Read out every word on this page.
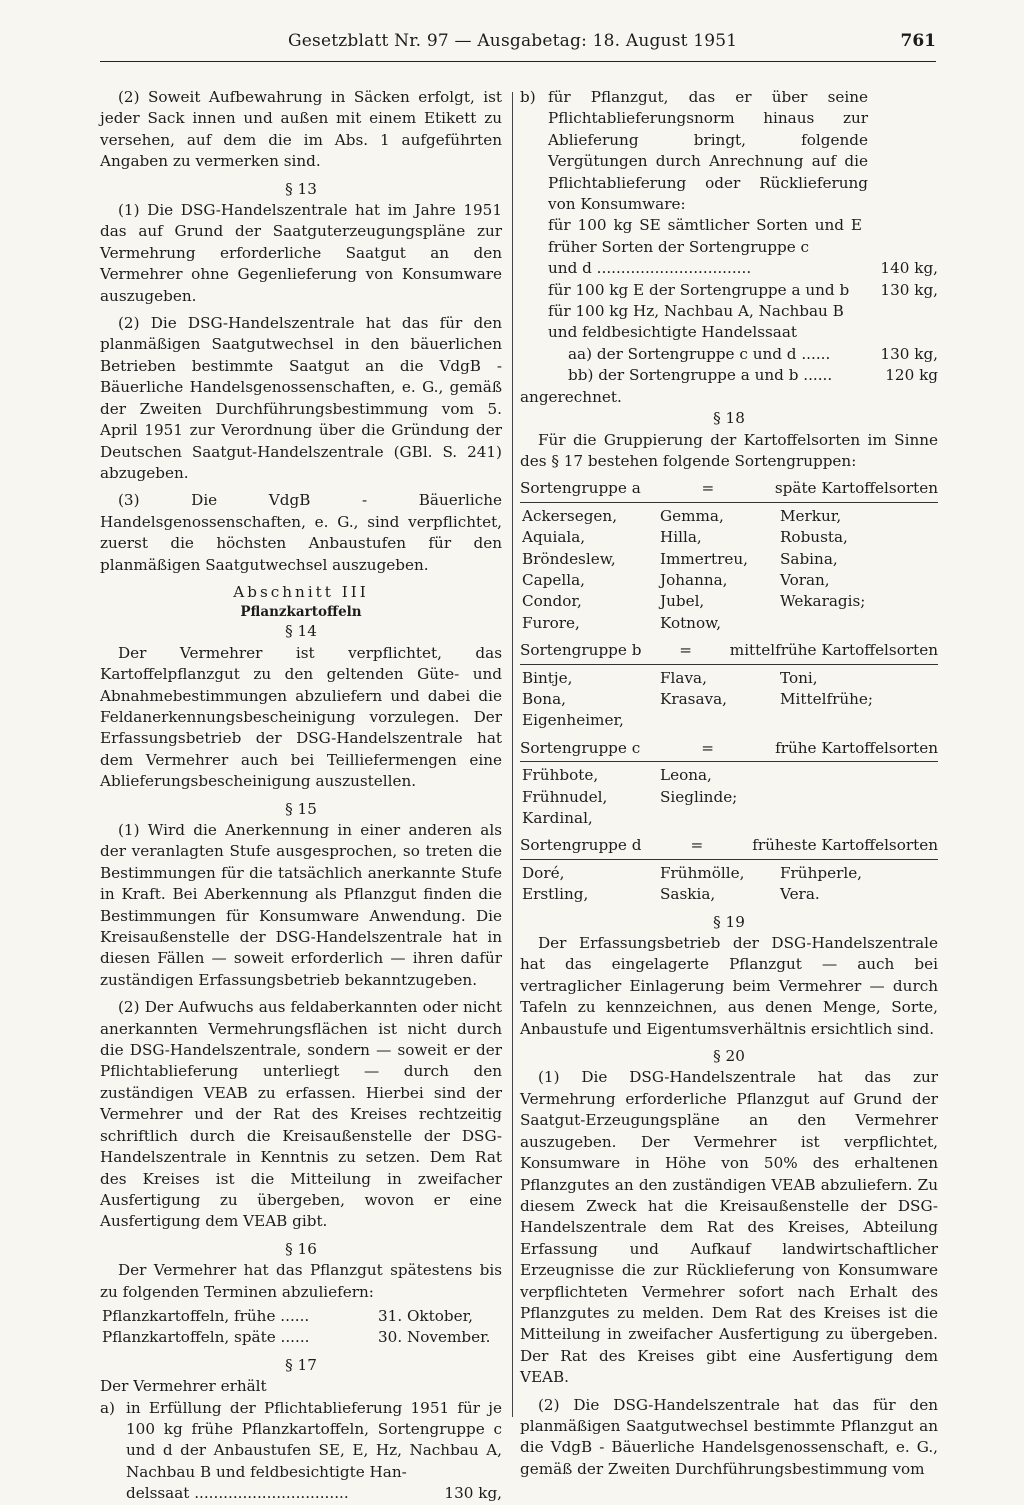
Gesetzblatt Nr. 97 — Ausgabetag: 18. August 1951	761

(2) Soweit Aufbewahrung in Säcken erfolgt, ist jeder Sack innen und außen mit einem Etikett zu versehen, auf dem die im Abs. 1 aufgeführten Angaben zu vermerken sind.

§ 13

(1) Die DSG-Handelszentrale hat im Jahre 1951 das auf Grund der Saatguterzeugungspläne zur Vermehrung erforderliche Saatgut an den Vermehrer ohne Gegenlieferung von Konsumware auszugeben.

(2) Die DSG-Handelszentrale hat das für den planmäßigen Saatgutwechsel in den bäuerlichen Betrieben bestimmte Saatgut an die VdgB - Bäuerliche Handelsgenossenschaften, e. G., gemäß der Zweiten Durchführungsbestimmung vom 5. April 1951 zur Verordnung über die Gründung der Deutschen Saatgut-Handelszentrale (GBl. S. 241) abzugeben.

(3) Die VdgB - Bäuerliche Handelsgenossenschaften, e. G., sind verpflichtet, zuerst die höchsten Anbaustufen für den planmäßigen Saatgutwechsel auszugeben.

Abschnitt III
Pflanzkartoffeln
§ 14

Der Vermehrer ist verpflichtet, das Kartoffelpflanzgut zu den geltenden Güte- und Abnahmebestimmungen abzuliefern und dabei die Feldanerkennungsbescheinigung vorzulegen. Der Erfassungsbetrieb der DSG-Handelszentrale hat dem Vermehrer auch bei Teilliefermengen eine Ablieferungsbescheinigung auszustellen.

§ 15

(1) Wird die Anerkennung in einer anderen als der veranlagten Stufe ausgesprochen, so treten die Bestimmungen für die tatsächlich anerkannte Stufe in Kraft. Bei Aberkennung als Pflanzgut finden die Bestimmungen für Konsumware Anwendung. Die Kreisaußenstelle der DSG-Handelszentrale hat in diesen Fällen — soweit erforderlich — ihren dafür zuständigen Erfassungsbetrieb bekanntzugeben.

(2) Der Aufwuchs aus feldaberkannten oder nicht anerkannten Vermehrungsflächen ist nicht durch die DSG-Handelszentrale, sondern — soweit er der Pflichtablieferung unterliegt — durch den zuständigen VEAB zu erfassen. Hierbei sind der Vermehrer und der Rat des Kreises rechtzeitig schriftlich durch die Kreisaußenstelle der DSG-Handelszentrale in Kenntnis zu setzen. Dem Rat des Kreises ist die Mitteilung in zweifacher Ausfertigung zu übergeben, wovon er eine Ausfertigung dem VEAB gibt.

§ 16

Der Vermehrer hat das Pflanzgut spätestens bis zu folgenden Terminen abzuliefern:

Pflanzkartoffeln, frühe ......	31. Oktober,
Pflanzkartoffeln, späte ......	30. November.
§ 17

Der Vermehrer erhält

a) in Erfüllung der Pflichtablieferung 1951 für je 100 kg frühe Pflanzkartoffeln, Sortengruppe c und d der Anbaustufen SE, E, Hz, Nachbau A, Nachbau B und feldbesichtigte Han-
delssaat ................................	130 kg,
b) für Pflanzgut, das er über seine Pflichtablieferungsnorm hinaus zur Ablieferung bringt, folgende Vergütungen durch Anrechnung auf die Pflichtablieferung oder Rücklieferung von Konsumware:
für 100 kg SE sämtlicher Sorten und E früher Sorten der Sortengruppe c
und d ................................	140 kg,
für 100 kg E der Sortengruppe a und b	130 kg,
für 100 kg Hz, Nachbau A, Nachbau B und feldbesichtigte Handelssaat
aa) der Sortengruppe c und d ......	130 kg,
bb) der Sortengruppe a und b ......	120 kg

angerechnet.

§ 18

Für die Gruppierung der Kartoffelsorten im Sinne des § 17 bestehen folgende Sortengruppen:

Sortengruppe a	=	späte Kartoffelsorten
Ackersegen,	Gemma,	Merkur,
Aquiala,	Hilla,	Robusta,
Bröndeslew,	Immertreu,	Sabina,
Capella,	Johanna,	Voran,
Condor,	Jubel,	Wekaragis;
Furore,	Kotnow,
Sortengruppe b = mittelfrühe Kartoffelsorten
Bintje,	Flava,	Toni,
Bona,	Krasava,	Mittelfrühe;
Eigenheimer,
Sortengruppe c	=	frühe Kartoffelsorten
Frühbote,	Leona,
Frühnudel,	Sieglinde;
Kardinal,
Sortengruppe d	=	früheste Kartoffelsorten
Doré,	Frühmölle,	Frühperle,
Erstling,	Saskia,	Vera.
§ 19

Der Erfassungsbetrieb der DSG-Handelszentrale hat das eingelagerte Pflanzgut — auch bei vertraglicher Einlagerung beim Vermehrer — durch Tafeln zu kennzeichnen, aus denen Menge, Sorte, Anbaustufe und Eigentumsverhältnis ersichtlich sind.

§ 20

(1) Die DSG-Handelszentrale hat das zur Vermehrung erforderliche Pflanzgut auf Grund der Saatgut-Erzeugungspläne an den Vermehrer auszugeben. Der Vermehrer ist verpflichtet, Konsumware in Höhe von 50% des erhaltenen Pflanzgutes an den zuständigen VEAB abzuliefern. Zu diesem Zweck hat die Kreisaußenstelle der DSG-Handelszentrale dem Rat des Kreises, Abteilung Erfassung und Aufkauf landwirtschaftlicher Erzeugnisse die zur Rücklieferung von Konsumware verpflichteten Vermehrer sofort nach Erhalt des Pflanzgutes zu melden. Dem Rat des Kreises ist die Mitteilung in zweifacher Ausfertigung zu übergeben. Der Rat des Kreises gibt eine Ausfertigung dem VEAB.

(2) Die DSG-Handelszentrale hat das für den planmäßigen Saatgutwechsel bestimmte Pflanzgut an die VdgB - Bäuerliche Handelsgenossenschaft, e. G., gemäß der Zweiten Durchführungsbestimmung vom
